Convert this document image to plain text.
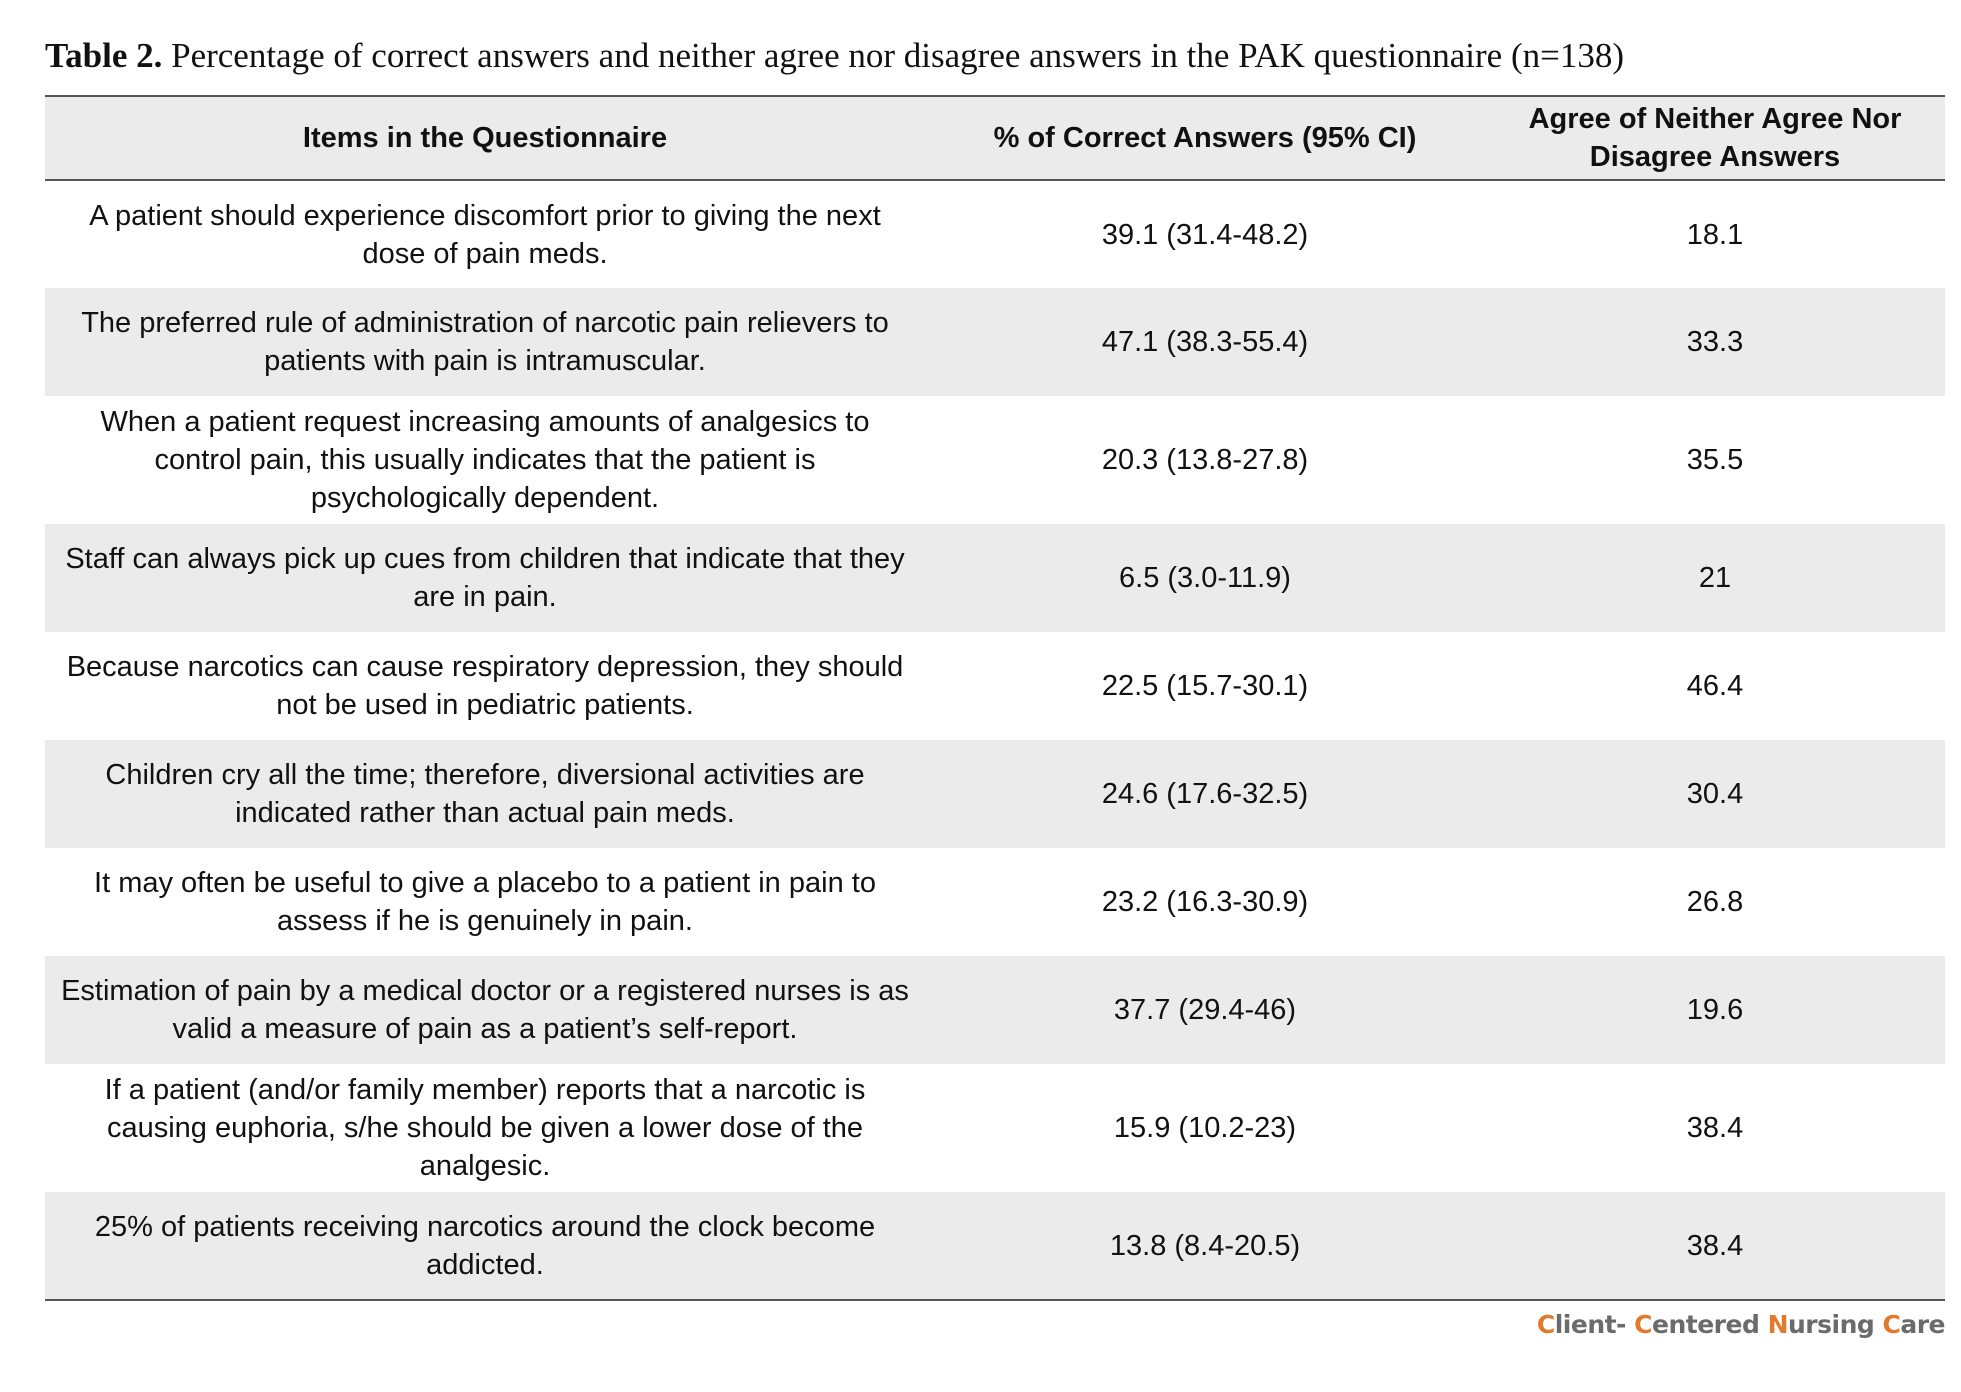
Table 2. Percentage of correct answers and neither agree nor disagree answers in the PAK questionnaire (n=138)
Items in the Questionnaire	% of Correct Answers (95% CI)	Agree of Neither Agree Nor Disagree Answers
A patient should experience discomfort prior to giving the next dose of pain meds.	39.1 (31.4-48.2)	18.1
The preferred rule of administration of narcotic pain relievers to patients with pain is intramuscular.	47.1 (38.3-55.4)	33.3
When a patient request increasing amounts of analgesics to control pain, this usually indicates that the patient is psychologically dependent.	20.3 (13.8-27.8)	35.5
Staff can always pick up cues from children that indicate that they are in pain.	6.5 (3.0-11.9)	21
Because narcotics can cause respiratory depression, they should not be used in pediatric patients.	22.5 (15.7-30.1)	46.4
Children cry all the time; therefore, diversional activities are indicated rather than actual pain meds.	24.6 (17.6-32.5)	30.4
It may often be useful to give a placebo to a patient in pain to assess if he is genuinely in pain.	23.2 (16.3-30.9)	26.8
Estimation of pain by a medical doctor or a registered nurses is as valid a measure of pain as a patient’s self-report.	37.7 (29.4-46)	19.6
If a patient (and/or family member) reports that a narcotic is causing euphoria, s/he should be given a lower dose of the analgesic.	15.9 (10.2-23)	38.4
25% of patients receiving narcotics around the clock become addicted.	13.8 (8.4-20.5)	38.4
Client- Centered Nursing Care
